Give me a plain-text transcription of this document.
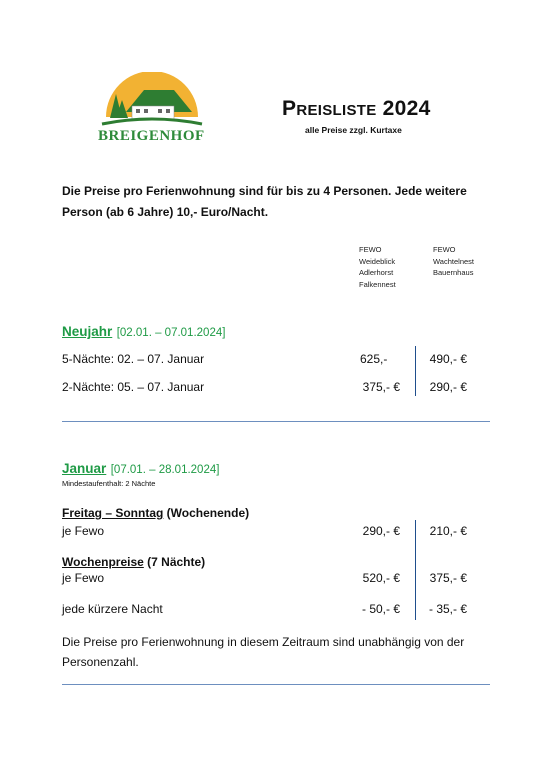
BREIGENHOF
PREISLISTE 2024
alle Preise zzgl. Kurtaxe
Die Preise pro Ferienwohnung sind für bis zu 4 Personen. Jede weitere Person (ab 6 Jahre) 10,- Euro/Nacht.
FEWO
Weideblick
Adlerhorst
Falkennest
FEWO
Wachtelnest
Bauernhaus
Neujahr [02.01. – 07.01.2024]
5-Nächte: 02. – 07. Januar	625,-	490,- €
2-Nächte: 05. – 07. Januar	375,- €	290,- €
Januar [07.01. – 28.01.2024]
Mindestaufenthalt: 2 Nächte
Freitag – Sonntag (Wochenende)
je Fewo	290,- €	210,- €
Wochenpreise (7 Nächte)
je Fewo	520,- €	375,- €
jede kürzere Nacht	- 50,- €	- 35,- €
Die Preise pro Ferienwohnung in diesem Zeitraum sind unabhängig von der Personenzahl.
